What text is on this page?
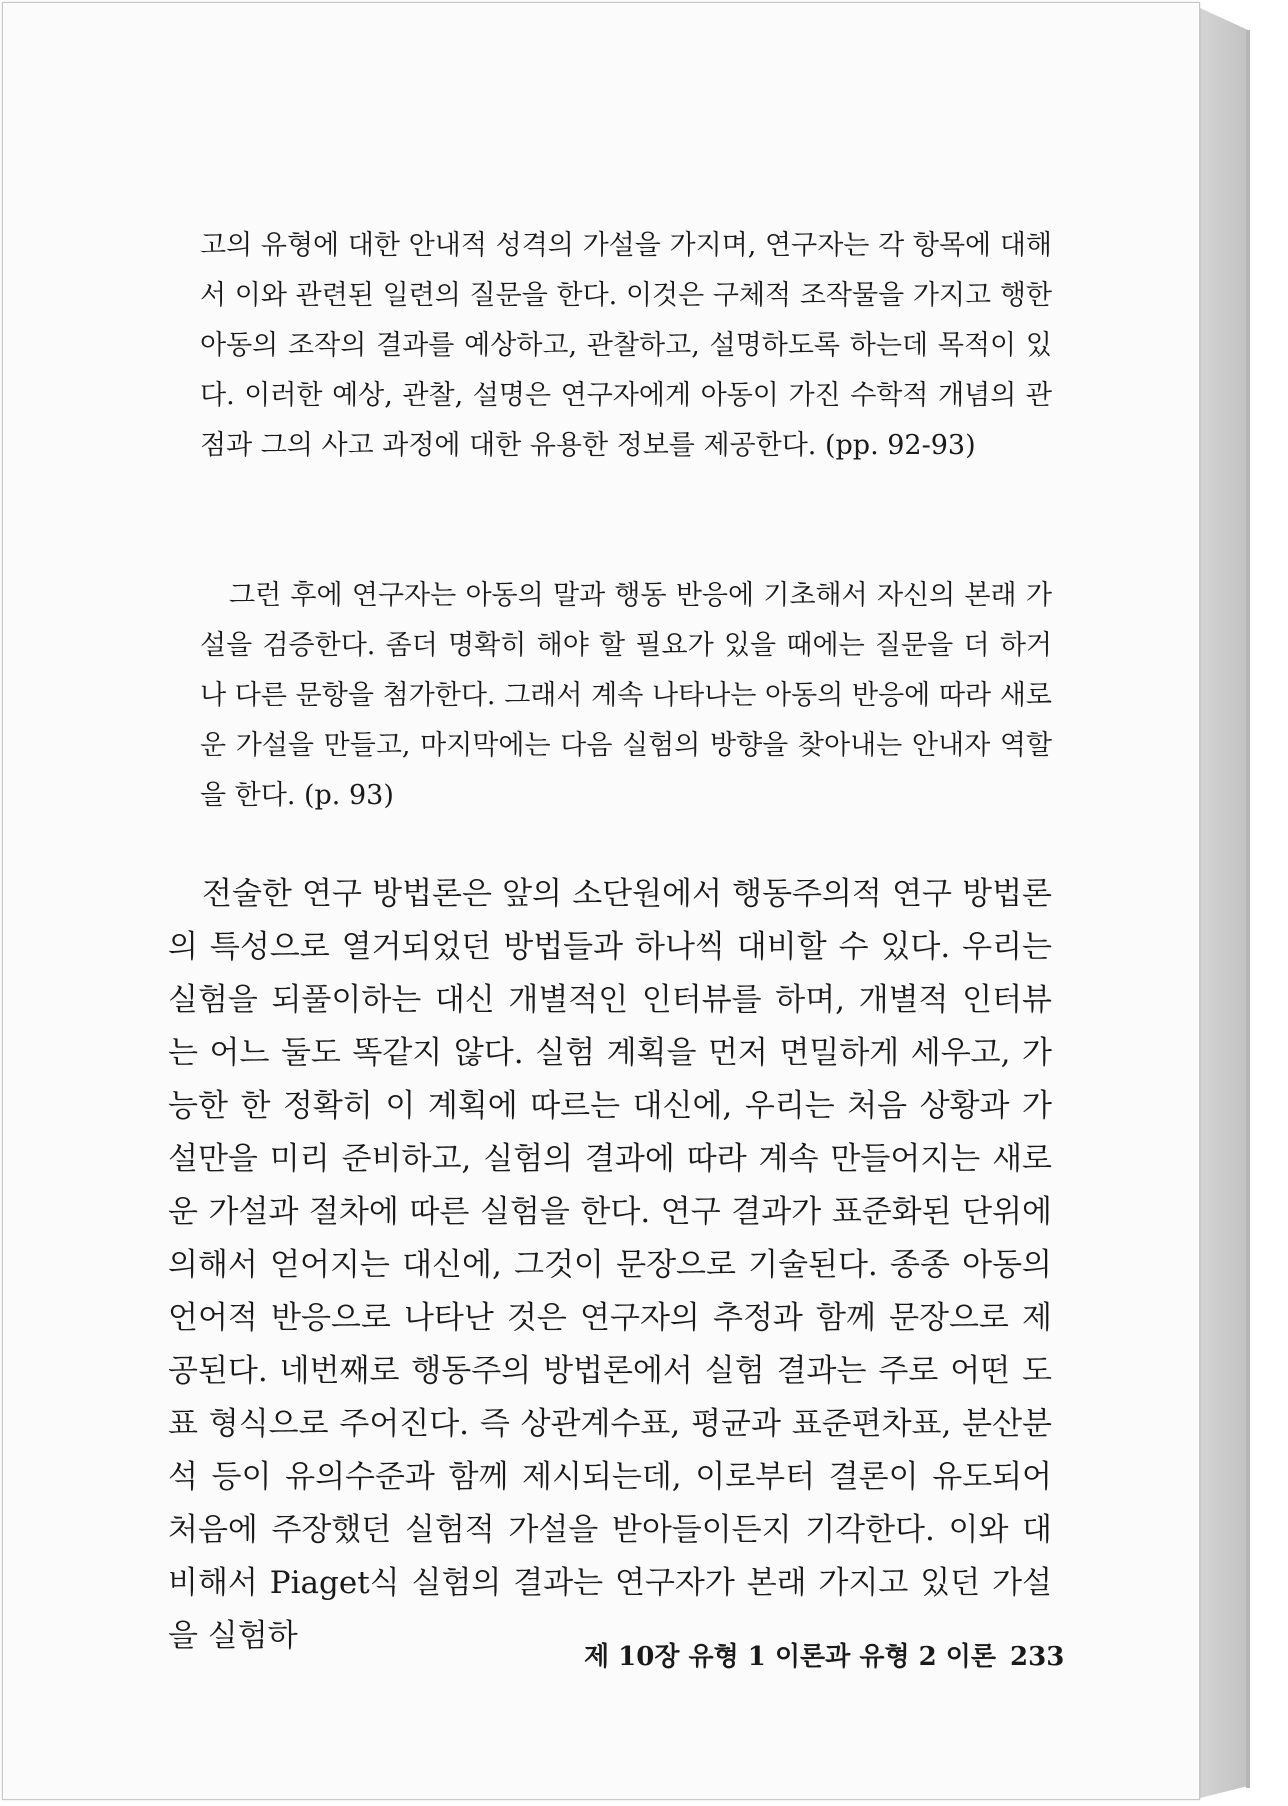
고의 유형에 대한 안내적 성격의 가설을 가지며, 연구자는 각 항목에 대해서 이와 관련된 일련의 질문을 한다. 이것은 구체적 조작물을 가지고 행한 아동의 조작의 결과를 예상하고, 관찰하고, 설명하도록 하는데 목적이 있다. 이러한 예상, 관찰, 설명은 연구자에게 아동이 가진 수학적 개념의 관점과 그의 사고 과정에 대한 유용한 정보를 제공한다. (pp. 92-93)

그런 후에 연구자는 아동의 말과 행동 반응에 기초해서 자신의 본래 가설을 검증한다. 좀더 명확히 해야 할 필요가 있을 때에는 질문을 더 하거나 다른 문항을 첨가한다. 그래서 계속 나타나는 아동의 반응에 따라 새로운 가설을 만들고, 마지막에는 다음 실험의 방향을 찾아내는 안내자 역할을 한다. (p. 93)

전술한 연구 방법론은 앞의 소단원에서 행동주의적 연구 방법론의 특성으로 열거되었던 방법들과 하나씩 대비할 수 있다. 우리는 실험을 되풀이하는 대신 개별적인 인터뷰를 하며, 개별적 인터뷰는 어느 둘도 똑같지 않다. 실험 계획을 먼저 면밀하게 세우고, 가능한 한 정확히 이 계획에 따르는 대신에, 우리는 처음 상황과 가설만을 미리 준비하고, 실험의 결과에 따라 계속 만들어지는 새로운 가설과 절차에 따른 실험을 한다. 연구 결과가 표준화된 단위에 의해서 얻어지는 대신에, 그것이 문장으로 기술된다. 종종 아동의 언어적 반응으로 나타난 것은 연구자의 추정과 함께 문장으로 제공된다. 네번째로 행동주의 방법론에서 실험 결과는 주로 어떤 도표 형식으로 주어진다. 즉 상관계수표, 평균과 표준편차표, 분산분석 등이 유의수준과 함께 제시되는데, 이로부터 결론이 유도되어 처음에 주장했던 실험적 가설을 받아들이든지 기각한다. 이와 대비해서 Piaget식 실험의 결과는 연구자가 본래 가지고 있던 가설을 실험하

제 10장 유형 1 이론과 유형 2 이론 233
